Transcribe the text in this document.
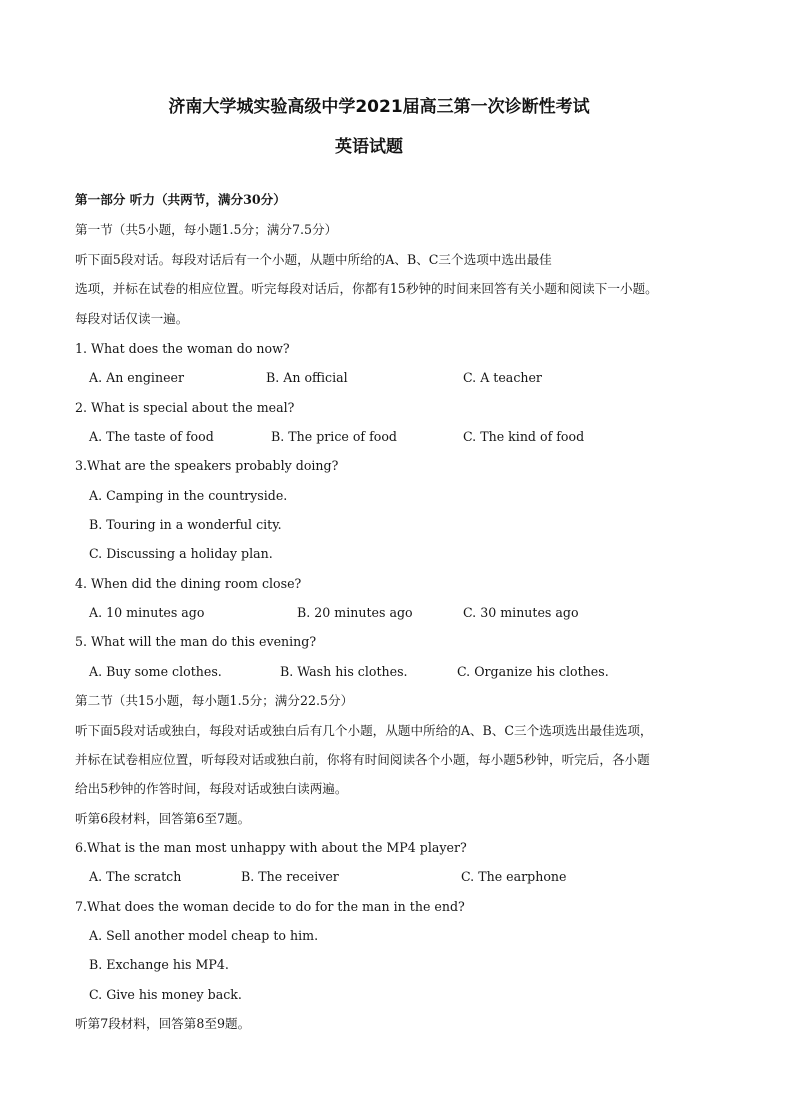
济南大学城实验高级中学2021届高三第一次诊断性考试
英语试题
第一部分 听力（共两节，满分30分）
第一节（共5小题，每小题1.5分；满分7.5分）
听下面5段对话。每段对话后有一个小题，从题中所给的A、B、C三个选项中选出最佳
选项，并标在试卷的相应位置。听完每段对话后，你都有15秒钟的时间来回答有关小题和阅读下一小题。
每段对话仅读一遍。
1. What does the woman do now?
A. An engineer	B. An official	C. A teacher
2. What is special about the meal?
A. The taste of food	B. The price of food	C. The kind of food
3.What are the speakers probably doing?
A. Camping in the countryside.
B. Touring in a wonderful city.
C. Discussing a holiday plan.
4. When did the dining room close?
A. 10 minutes ago	B. 20 minutes ago	C. 30 minutes ago
5. What will the man do this evening?
A. Buy some clothes.	B. Wash his clothes.	C. Organize his clothes.
第二节（共15小题，每小题1.5分；满分22.5分）
听下面5段对话或独白，每段对话或独白后有几个小题，从题中所给的A、B、C三个选项选出最佳选项，
并标在试卷相应位置，听每段对话或独白前，你将有时间阅读各个小题，每小题5秒钟，听完后，各小题
给出5秒钟的作答时间，每段对话或独白读两遍。
听第6段材料，回答第6至7题。
6.What is the man most unhappy with about the MP4 player?
A. The scratch	B. The receiver	C. The earphone
7.What does the woman decide to do for the man in the end?
A. Sell another model cheap to him.
B. Exchange his MP4.
C. Give his money back.
听第7段材料，回答第8至9题。
